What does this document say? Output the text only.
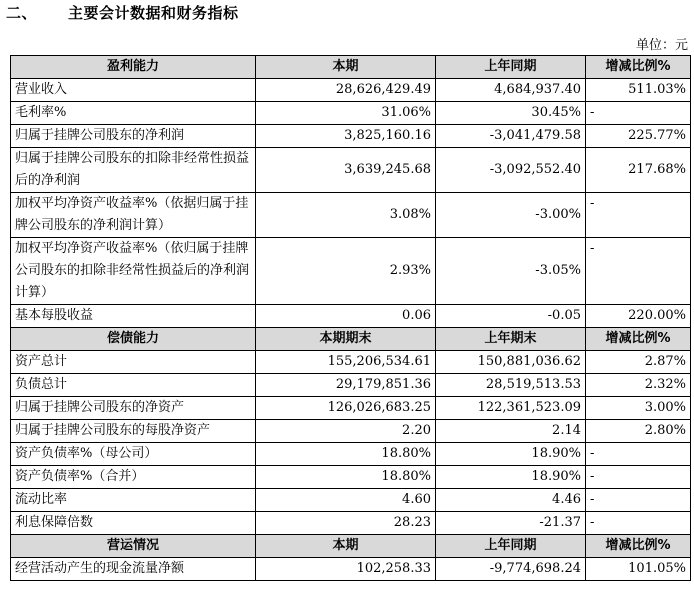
二、 主要会计数据和财务指标
单位：元
盈利能力	本期	上年同期	增减比例%
营业收入	28,626,429.49	4,684,937.40	511.03%
毛利率%	31.06%	30.45%	-
归属于挂牌公司股东的净利润	3,825,160.16	-3,041,479.58	225.77%
归属于挂牌公司股东的扣除非经常性损益后的净利润	3,639,245.68	-3,092,552.40	217.68%
加权平均净资产收益率%（依据归属于挂牌公司股东的净利润计算）	3.08%	-3.00%	-
加权平均净资产收益率%（依归属于挂牌公司股东的扣除非经常性损益后的净利润计算）	2.93%	-3.05%	-
基本每股收益	0.06	-0.05	220.00%
偿债能力	本期期末	上年期末	增减比例%
资产总计	155,206,534.61	150,881,036.62	2.87%
负债总计	29,179,851.36	28,519,513.53	2.32%
归属于挂牌公司股东的净资产	126,026,683.25	122,361,523.09	3.00%
归属于挂牌公司股东的每股净资产	2.20	2.14	2.80%
资产负债率%（母公司）	18.80%	18.90%	-
资产负债率%（合并）	18.80%	18.90%	-
流动比率	4.60	4.46	-
利息保障倍数	28.23	-21.37	-
营运情况	本期	上年同期	增减比例%
经营活动产生的现金流量净额	102,258.33	-9,774,698.24	101.05%
